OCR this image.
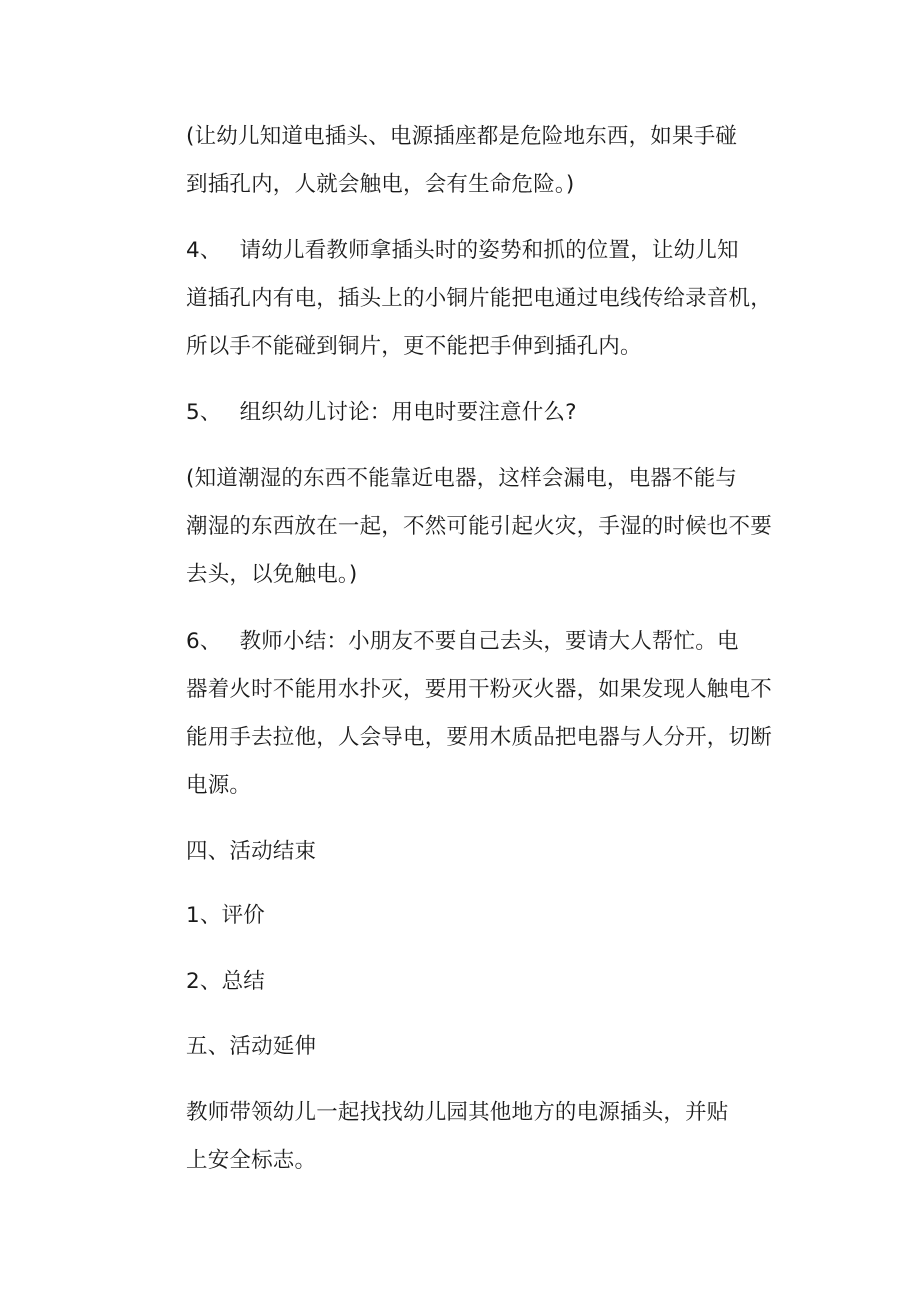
(让幼儿知道电插头、电源插座都是危险地东西，如果手碰
到插孔内，人就会触电，会有生命危险。)

4、 请幼儿看教师拿插头时的姿势和抓的位置，让幼儿知
道插孔内有电，插头上的小铜片能把电通过电线传给录音机，
所以手不能碰到铜片，更不能把手伸到插孔内。

5、 组织幼儿讨论：用电时要注意什么?

(知道潮湿的东西不能靠近电器，这样会漏电，电器不能与
潮湿的东西放在一起，不然可能引起火灾，手湿的时候也不要
去头，以免触电。)

6、 教师小结：小朋友不要自己去头，要请大人帮忙。电
器着火时不能用水扑灭，要用干粉灭火器，如果发现人触电不
能用手去拉他，人会导电，要用木质品把电器与人分开，切断
电源。

四、活动结束

1、评价

2、总结

五、活动延伸

教师带领幼儿一起找找幼儿园其他地方的电源插头，并贴
上安全标志。
